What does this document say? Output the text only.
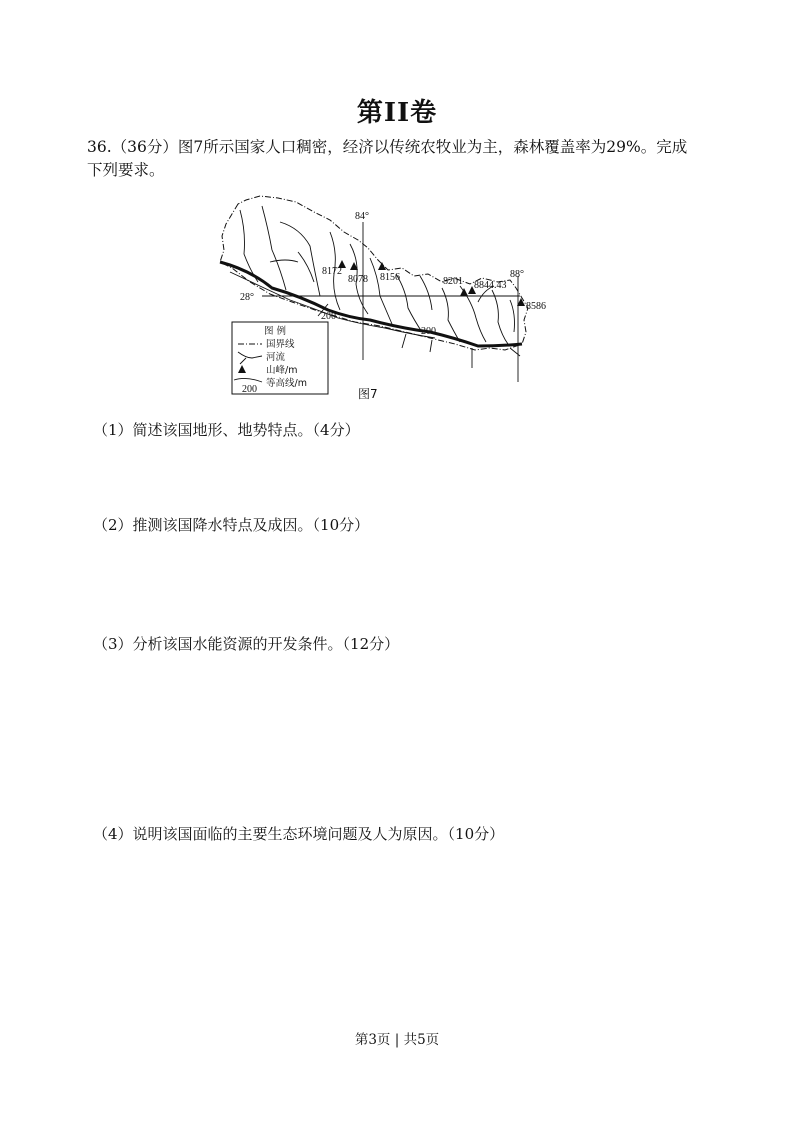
第II卷
36.（36分）图7所示国家人口稠密，经济以传统农牧业为主，森林覆盖率为29%。完成
下列要求。
84°
88°
28°
8172
8078 8156	8201 8844.43
8586
200
200
图 例
国界线
河流
山峰/m
200
等高线/m
图7
（1）简述该国地形、地势特点。（4分）
（2）推测该国降水特点及成因。（10分）
（3）分析该国水能资源的开发条件。（12分）
（4）说明该国面临的主要生态环境问题及人为原因。（10分）
第3页 | 共5页
